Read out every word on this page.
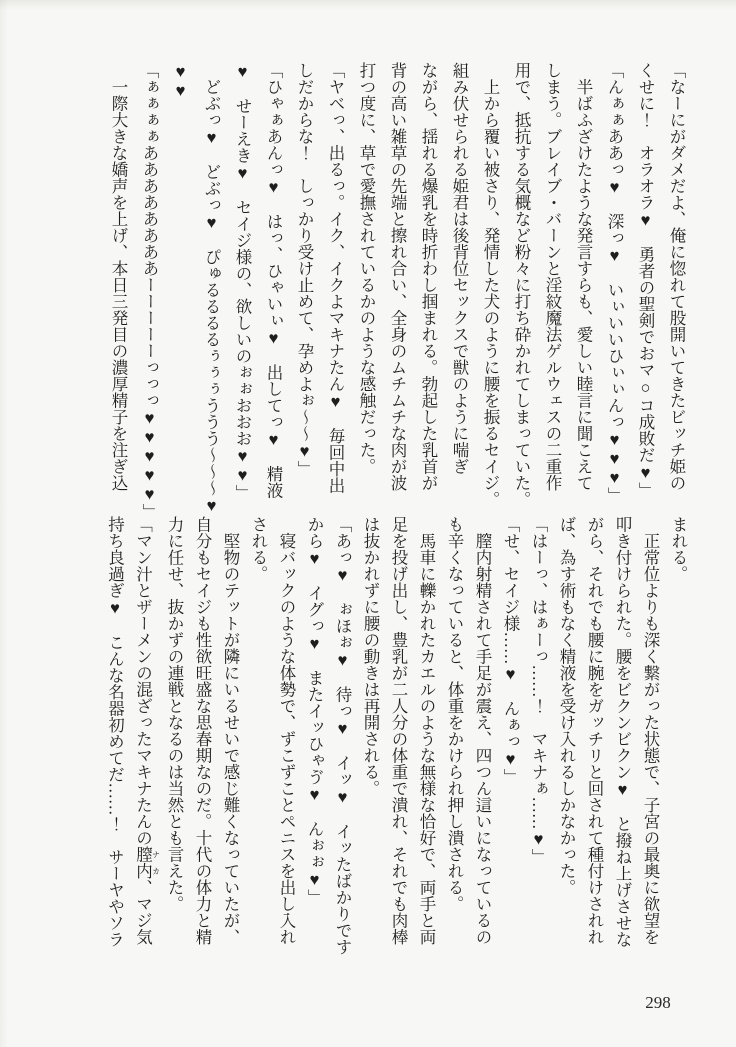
「なーにがダメだよ、俺に惚れて股開いてきたビッチ姫の

くせに！　オラオラ♥　勇者の聖剣でおマ○コ成敗だ♥」

「んぁぁああっ♥　深っ♥　いぃいいひぃぃんっ♥♥♥」

　半ばふざけたような発言すらも、愛しい睦言に聞こえて

しまう。ブレイブ・バーンと淫紋魔法ゲルウェスの二重作

用で、抵抗する気概など粉々に打ち砕かれてしまっていた。

　上から覆い被さり、発情した犬のように腰を振るセイジ。

組み伏せられる姫君は後背位セックスで獣のように喘ぎ

ながら、揺れる爆乳を時折わし掴まれる。勃起した乳首が

背の高い雑草の先端と擦れ合い、全身のムチムチな肉が波

打つ度に、草で愛撫されているかのような感触だった。

「ヤベっ、出るっ。イク、イクよマキナたん♥　毎回中出

しだからな！　しっかり受け止めて、孕めよぉ～～♥」

「ひゃぁあんっ♥　はっ、ひゃいぃ♥　出してっ♥　精液

♥　せーえき♥　セイジ様の、欲しいのぉぉおおお♥♥」

　どぶっ♥　どぶっ♥　ぴゅるるるるぅぅぅううう～～～♥

♥♥

「ぁぁぁぁああああああああーーーーーっっっ♥♥♥♥♥」

　一際大きな嬌声を上げ、本日三発目の濃厚精子を注ぎ込

まれる。

　正常位よりも深く繋がった状態で、子宮の最奥に欲望を

叩き付けられた。腰をビクンビクン♥　と撥ね上げさせな

がら、それでも腰に腕をガッチリと回されて種付けされれ

ば、為す術もなく精液を受け入れるしかなかった。

「はーっ、はぁーっ……！　マキナぁ……♥」

「せ、セイジ様……♥　んぁっ♥」

　膣内射精されて手足が震え、四つん這いになっているの

も辛くなっていると、体重をかけられ押し潰される。

　馬車に轢かれたカエルのような無様な恰好で、両手と両

足を投げ出し、豊乳が二人分の体重で潰れ、それでも肉棒

は抜かれずに腰の動きは再開される。

「あっ♥　ぉほぉ♥　待っ♥　イッ♥　イッたばかりです

から♥　イグっ♥　またイッひゃゔ♥　んぉぉ♥」

　寝バックのような体勢で、ずこずことペニスを出し入れ

される。

　堅物のテットが隣にいるせいで感じ難くなっていたが、

自分もセイジも性欲旺盛な思春期なのだ。十代の体力と精

力に任せ、抜かずの連戦となるのは当然とも言えた。

「マン汁とザーメンの混ざったマキナたんの膣内 ナカ、マジ気

持ち良過ぎ♥　こんな名器初めてだ……！　サーヤやソラ

298
